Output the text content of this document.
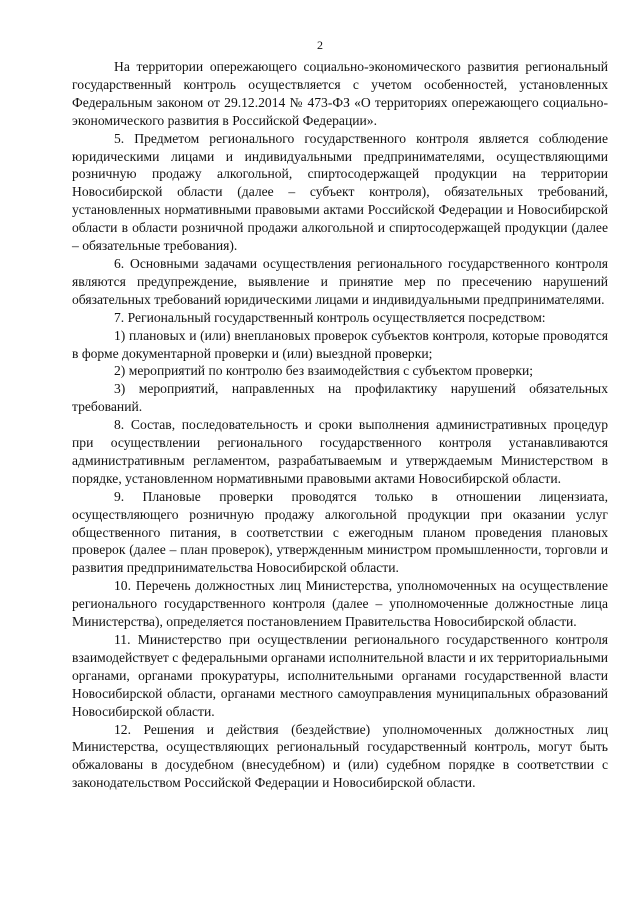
2

На территории опережающего социально-экономического развития региональный государственный контроль осуществляется с учетом особенностей, установленных Федеральным законом от 29.12.2014 № 473-ФЗ «О территориях опережающего социально-экономического развития в Российской Федерации».

5. Предметом регионального государственного контроля является соблюдение юридическими лицами и индивидуальными предпринимателями, осуществляющими розничную продажу алкогольной, спиртосодержащей продукции на территории Новосибирской области (далее – субъект контроля), обязательных требований, установленных нормативными правовыми актами Российской Федерации и Новосибирской области в области розничной продажи алкогольной и спиртосодержащей продукции (далее – обязательные требования).

6. Основными задачами осуществления регионального государственного контроля являются предупреждение, выявление и принятие мер по пресечению нарушений обязательных требований юридическими лицами и индивидуальными предпринимателями.

7. Региональный государственный контроль осуществляется посредством:

1) плановых и (или) внеплановых проверок субъектов контроля, которые проводятся в форме документарной проверки и (или) выездной проверки;

2) мероприятий по контролю без взаимодействия с субъектом проверки;

3) мероприятий, направленных на профилактику нарушений обязательных требований.

8. Состав, последовательность и сроки выполнения административных процедур при осуществлении регионального государственного контроля устанавливаются административным регламентом, разрабатываемым и утверждаемым Министерством в порядке, установленном нормативными правовыми актами Новосибирской области.

9. Плановые проверки проводятся только в отношении лицензиата, осуществляющего розничную продажу алкогольной продукции при оказании услуг общественного питания, в соответствии с ежегодным планом проведения плановых проверок (далее – план проверок), утвержденным министром промышленности, торговли и развития предпринимательства Новосибирской области.

10. Перечень должностных лиц Министерства, уполномоченных на осуществление регионального государственного контроля (далее – уполномоченные должностные лица Министерства), определяется постановлением Правительства Новосибирской области.

11. Министерство при осуществлении регионального государственного контроля взаимодействует с федеральными органами исполнительной власти и их территориальными органами, органами прокуратуры, исполнительными органами государственной власти Новосибирской области, органами местного самоуправления муниципальных образований Новосибирской области.

12. Решения и действия (бездействие) уполномоченных должностных лиц Министерства, осуществляющих региональный государственный контроль, могут быть обжалованы в досудебном (внесудебном) и (или) судебном порядке в соответствии с законодательством Российской Федерации и Новосибирской области.
